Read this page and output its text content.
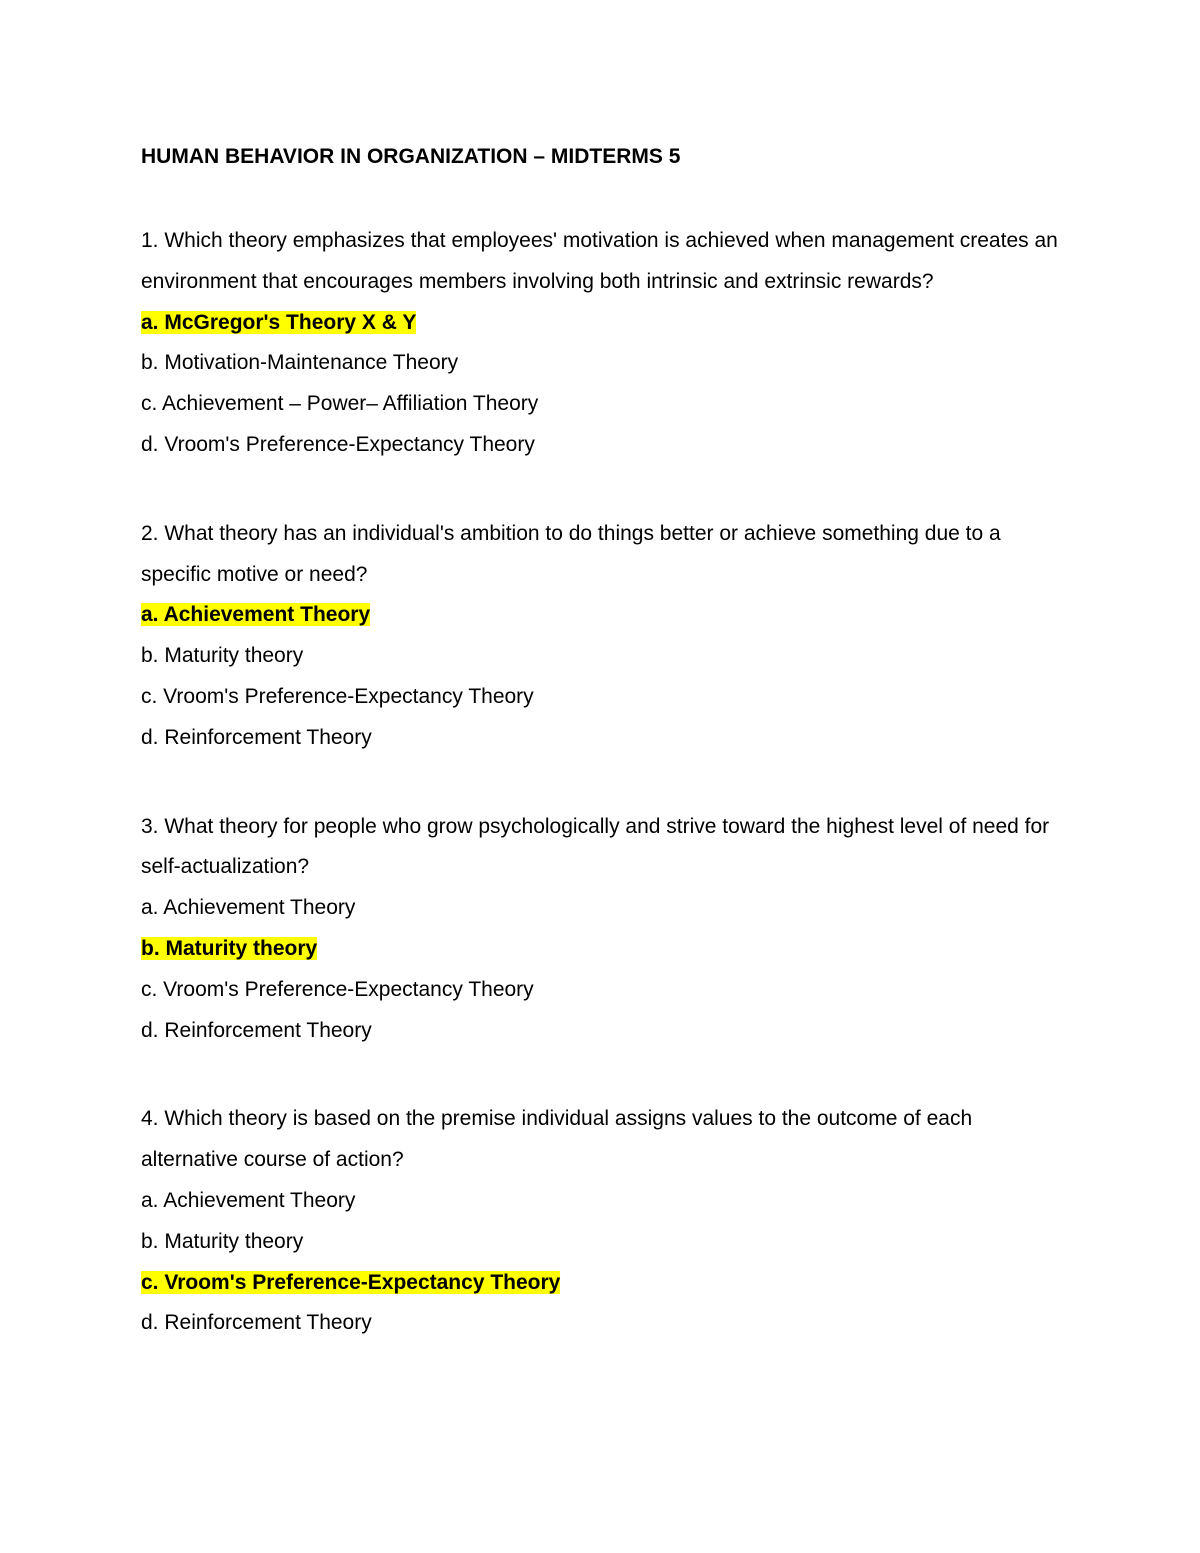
HUMAN BEHAVIOR IN ORGANIZATION – MIDTERMS 5

1. Which theory emphasizes that employees' motivation is achieved when management creates an environment that encourages members involving both intrinsic and extrinsic rewards?

a. McGregor's Theory X & Y

b. Motivation-Maintenance Theory

c. Achievement – Power– Affiliation Theory

d. Vroom's Preference-Expectancy Theory

2. What theory has an individual's ambition to do things better or achieve something due to a specific motive or need?

a. Achievement Theory

b. Maturity theory

c. Vroom's Preference-Expectancy Theory

d. Reinforcement Theory

3. What theory for people who grow psychologically and strive toward the highest level of need for self-actualization?

a. Achievement Theory

b. Maturity theory

c. Vroom's Preference-Expectancy Theory

d. Reinforcement Theory

4. Which theory is based on the premise individual assigns values to the outcome of each alternative course of action?

a. Achievement Theory

b. Maturity theory

c. Vroom's Preference-Expectancy Theory

d. Reinforcement Theory
